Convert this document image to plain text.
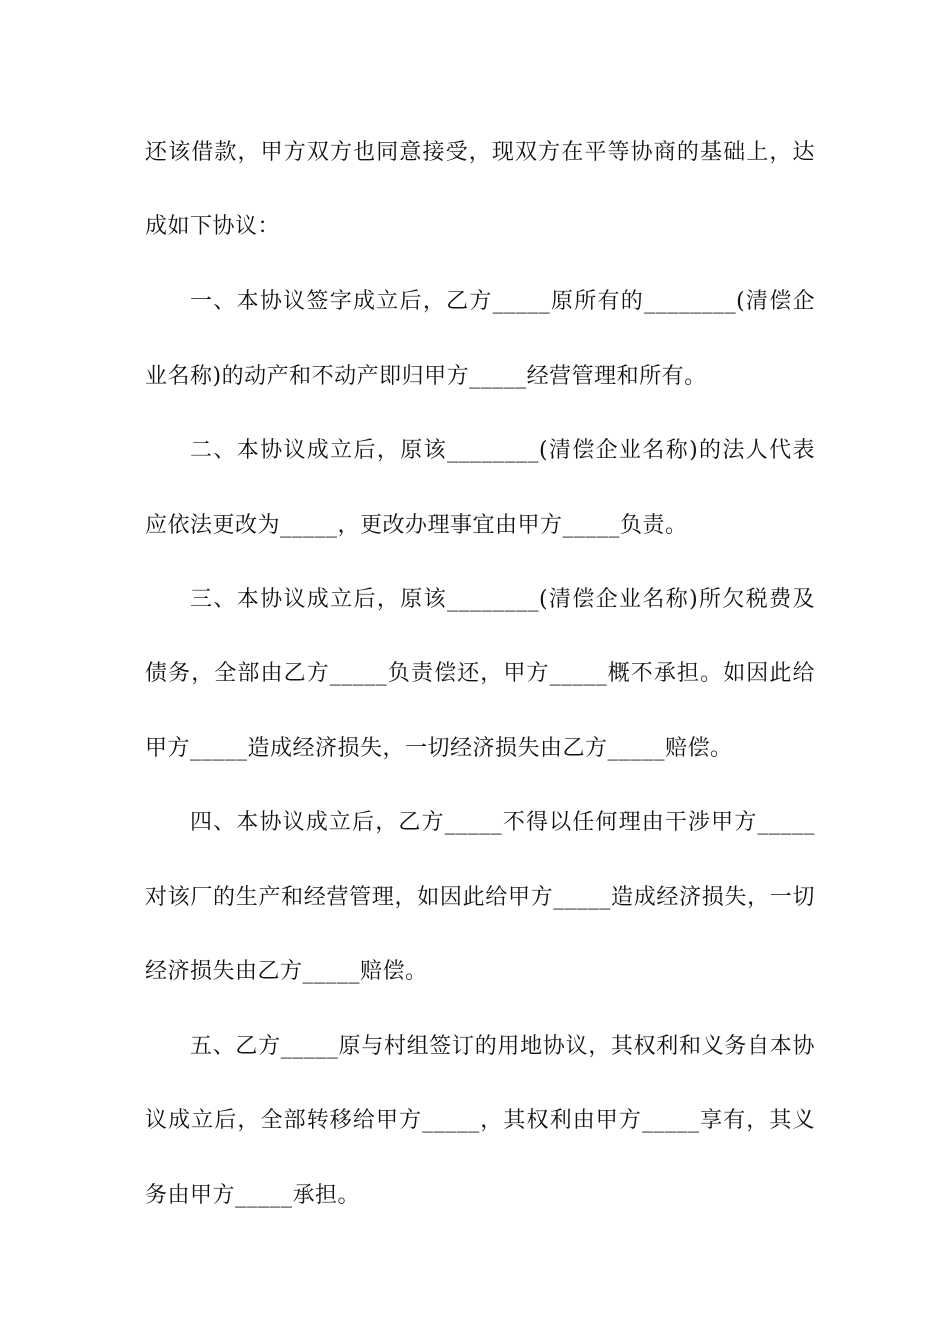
还该借款，甲方双方也同意接受，现双方在平等协商的基础上，达
成如下协议：
一、本协议签字成立后，乙方_____原所有的________(清偿企
业名称)的动产和不动产即归甲方_____经营管理和所有。
二、本协议成立后，原该________(清偿企业名称)的法人代表
应依法更改为_____，更改办理事宜由甲方_____负责。
三、本协议成立后，原该________(清偿企业名称)所欠税费及
债务，全部由乙方_____负责偿还，甲方_____概不承担。如因此给
甲方_____造成经济损失，一切经济损失由乙方_____赔偿。
四、本协议成立后，乙方_____不得以任何理由干涉甲方_____
对该厂的生产和经营管理，如因此给甲方_____造成经济损失，一切
经济损失由乙方_____赔偿。
五、乙方_____原与村组签订的用地协议，其权利和义务自本协
议成立后，全部转移给甲方_____，其权利由甲方_____享有，其义
务由甲方_____承担。
